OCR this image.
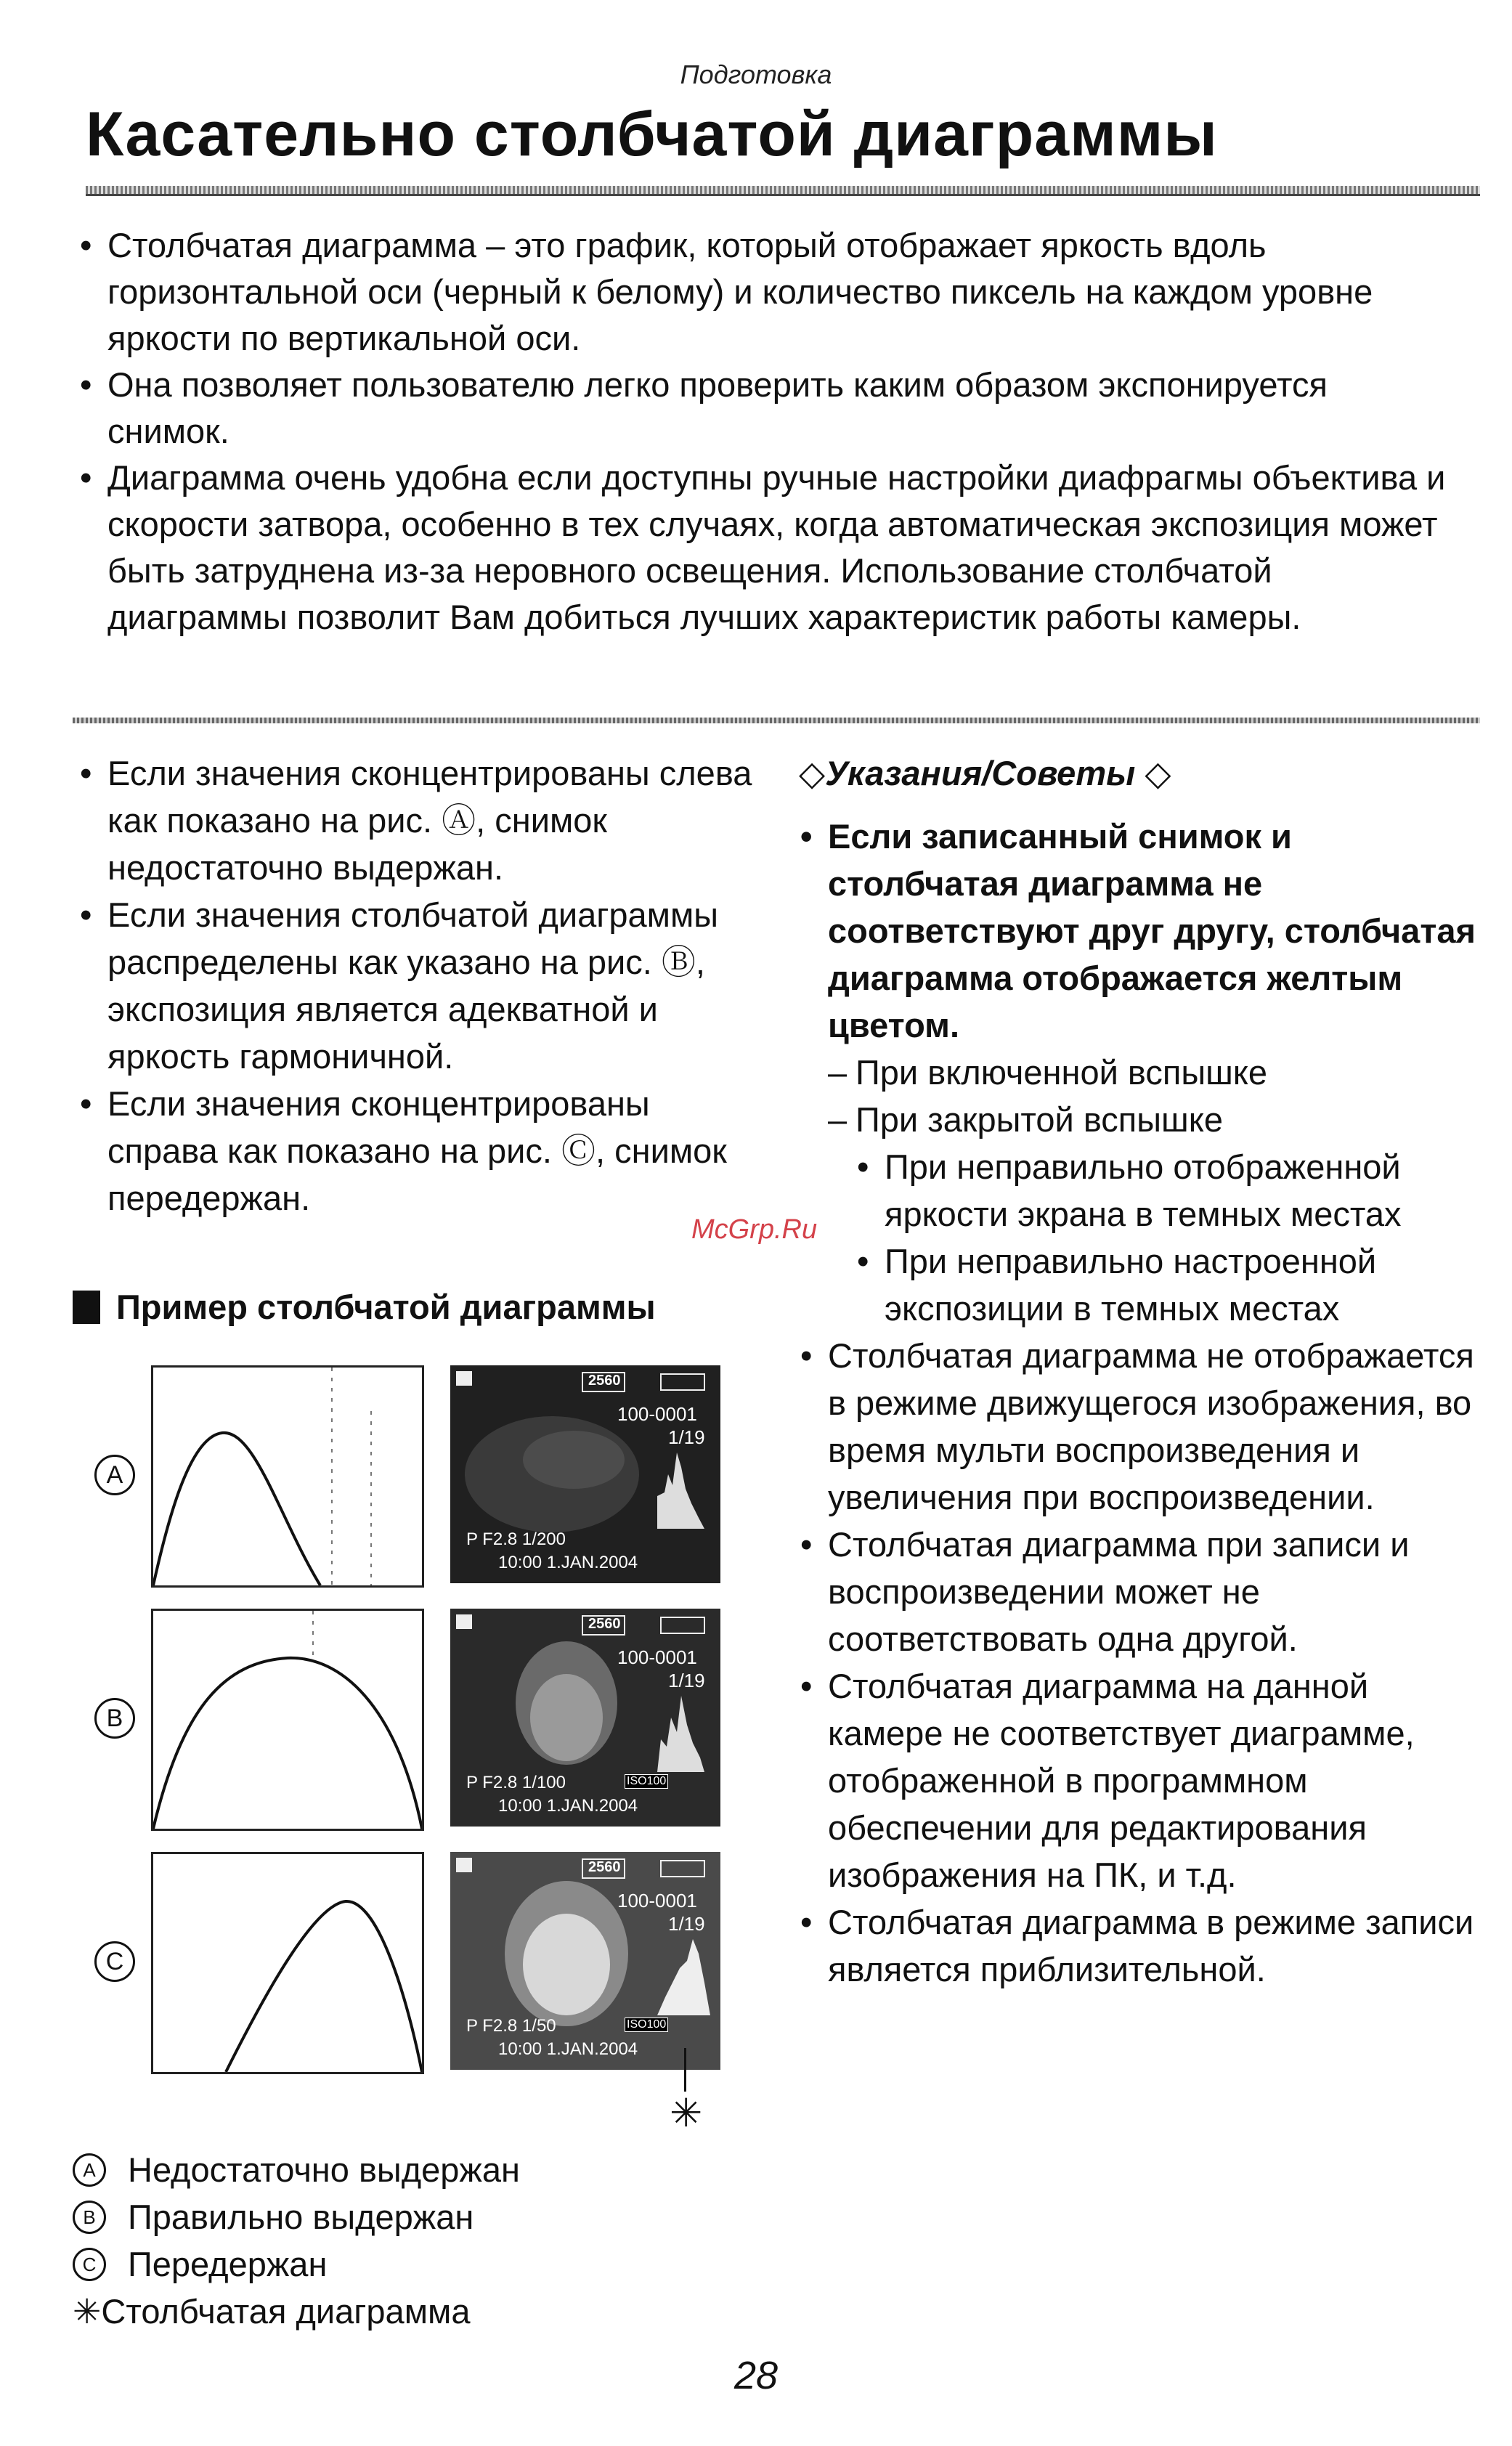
Подготовка
Касательно столбчатой диаграммы
• Столбчатая диаграмма – это график, который отображает яркость вдоль горизонтальной оси (черный к белому) и количество пиксель на каждом уровне яркости по вертикальной оси.
• Она позволяет пользователю легко проверить каким образом экспонируется снимок.
• Диаграмма очень удобна если доступны ручные настройки диафрагмы объектива и скорости затвора, особенно в тех случаях, когда автоматическая экспозиция может быть затруднена из-за неровного освещения. Использование столбчатой диаграммы позволит Вам добиться лучших характеристик работы камеры.
• Если значения сконцентрированы слева как показано на рис. Ⓐ, снимок недостаточно выдержан.
• Если значения столбчатой диаграммы распределены как указано на рис. Ⓑ, экспозиция является адекватной и яркость гармоничной.
• Если значения сконцентрированы справа как показано на рис. Ⓒ, снимок передержан.
McGrp.Ru
Пример столбчатой диаграммы
A
B
C
2560
100-0001
1/19
P F2.8 1/200
10:00 1.JAN.2004
2560
100-0001
1/19
P F2.8 1/100	ISO100
10:00 1.JAN.2004
2560
100-0001
1/19
P F2.8 1/50	ISO100
10:00 1.JAN.2004
✳
◇Указания/Советы ◇
• Если записанный снимок и столбчатая диаграмма не соответствуют друг другу, столбчатая диаграмма отображается желтым цветом.
– При включенной вспышке
– При закрытой вспышке
• При неправильно отображенной яркости экрана в темных местах
• При неправильно настроенной экспозиции в темных местах
• Столбчатая диаграмма не отображается в режиме движущегося изображения, во время мульти воспроизведения и увеличения при воспроизведении.
• Столбчатая диаграмма при записи и воспроизведении может не соответствовать одна другой.
• Столбчатая диаграмма на данной камере не соответствует диаграмме, отображенной в программном обеспечении для редактирования изображения на ПК, и т.д.
• Столбчатая диаграмма в режиме записи является приблизительной.
A Недостаточно выдержан
B Правильно выдержан
C Передержан
✳Столбчатая диаграмма
28
